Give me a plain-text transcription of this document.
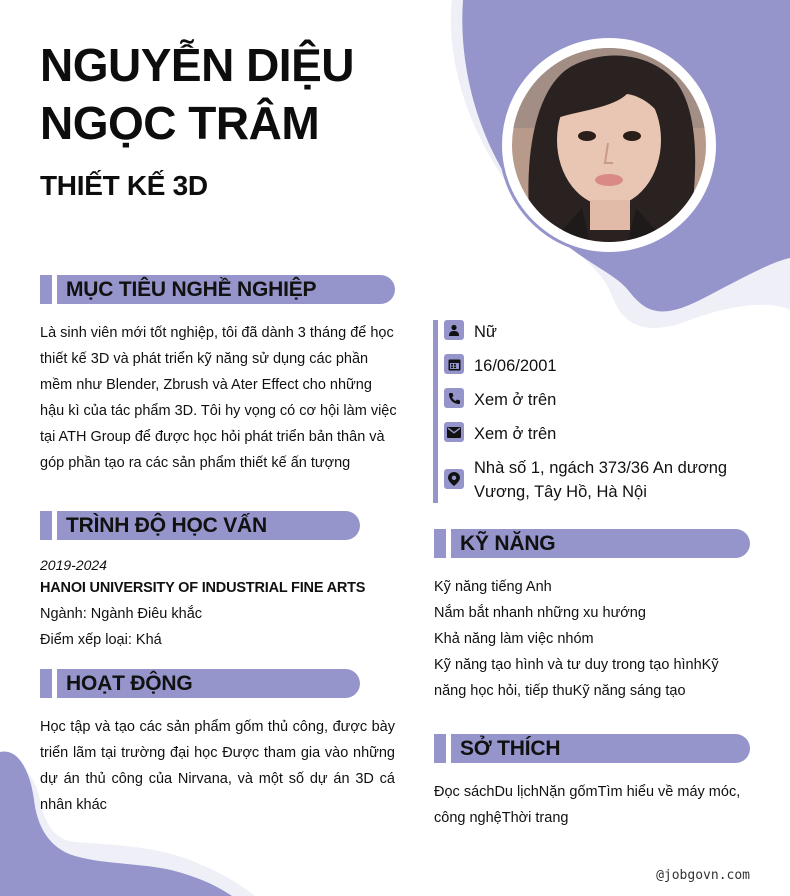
NGUYỄN DIỆU
NGỌC TRÂM
THIẾT KẾ 3D
MỤC TIÊU NGHỀ NGHIỆP
Là sinh viên mới tốt nghiệp, tôi đã dành 3 tháng để học thiết kế 3D và phát triển kỹ năng sử dụng các phần mềm như Blender, Zbrush và Ater Effect cho những hậu kì của tác phẩm 3D. Tôi hy vọng có cơ hội làm việc tại ATH Group để được học hỏi phát triển bản thân và góp phần tạo ra các sản phẩm thiết kế ấn tượng
TRÌNH ĐỘ HỌC VẤN
2019-2024
HANOI UNIVERSITY OF INDUSTRIAL FINE ARTS
Ngành: Ngành Điêu khắc
Điểm xếp loại: Khá
HOẠT ĐỘNG
Học tập và tạo các sản phẩm gốm thủ công, được bày triển lãm tại trường đại học Được tham gia vào những dự án thủ công của Nirvana, và một số dự án 3D cá nhân khác
Nữ
16/06/2001
Xem ở trên
Xem ở trên
Nhà số 1, ngách 373/36 An dương Vương, Tây Hồ, Hà Nội
KỸ NĂNG
Kỹ năng tiếng Anh
Nắm bắt nhanh những xu hướng
Khả năng làm việc nhóm
Kỹ năng tạo hình và tư duy trong tạo hìnhKỹ năng học hỏi, tiếp thuKỹ năng sáng tạo
SỞ THÍCH
Đọc sáchDu lịchNặn gốmTìm hiểu về máy móc, công nghệThời trang
@jobgovn.com
